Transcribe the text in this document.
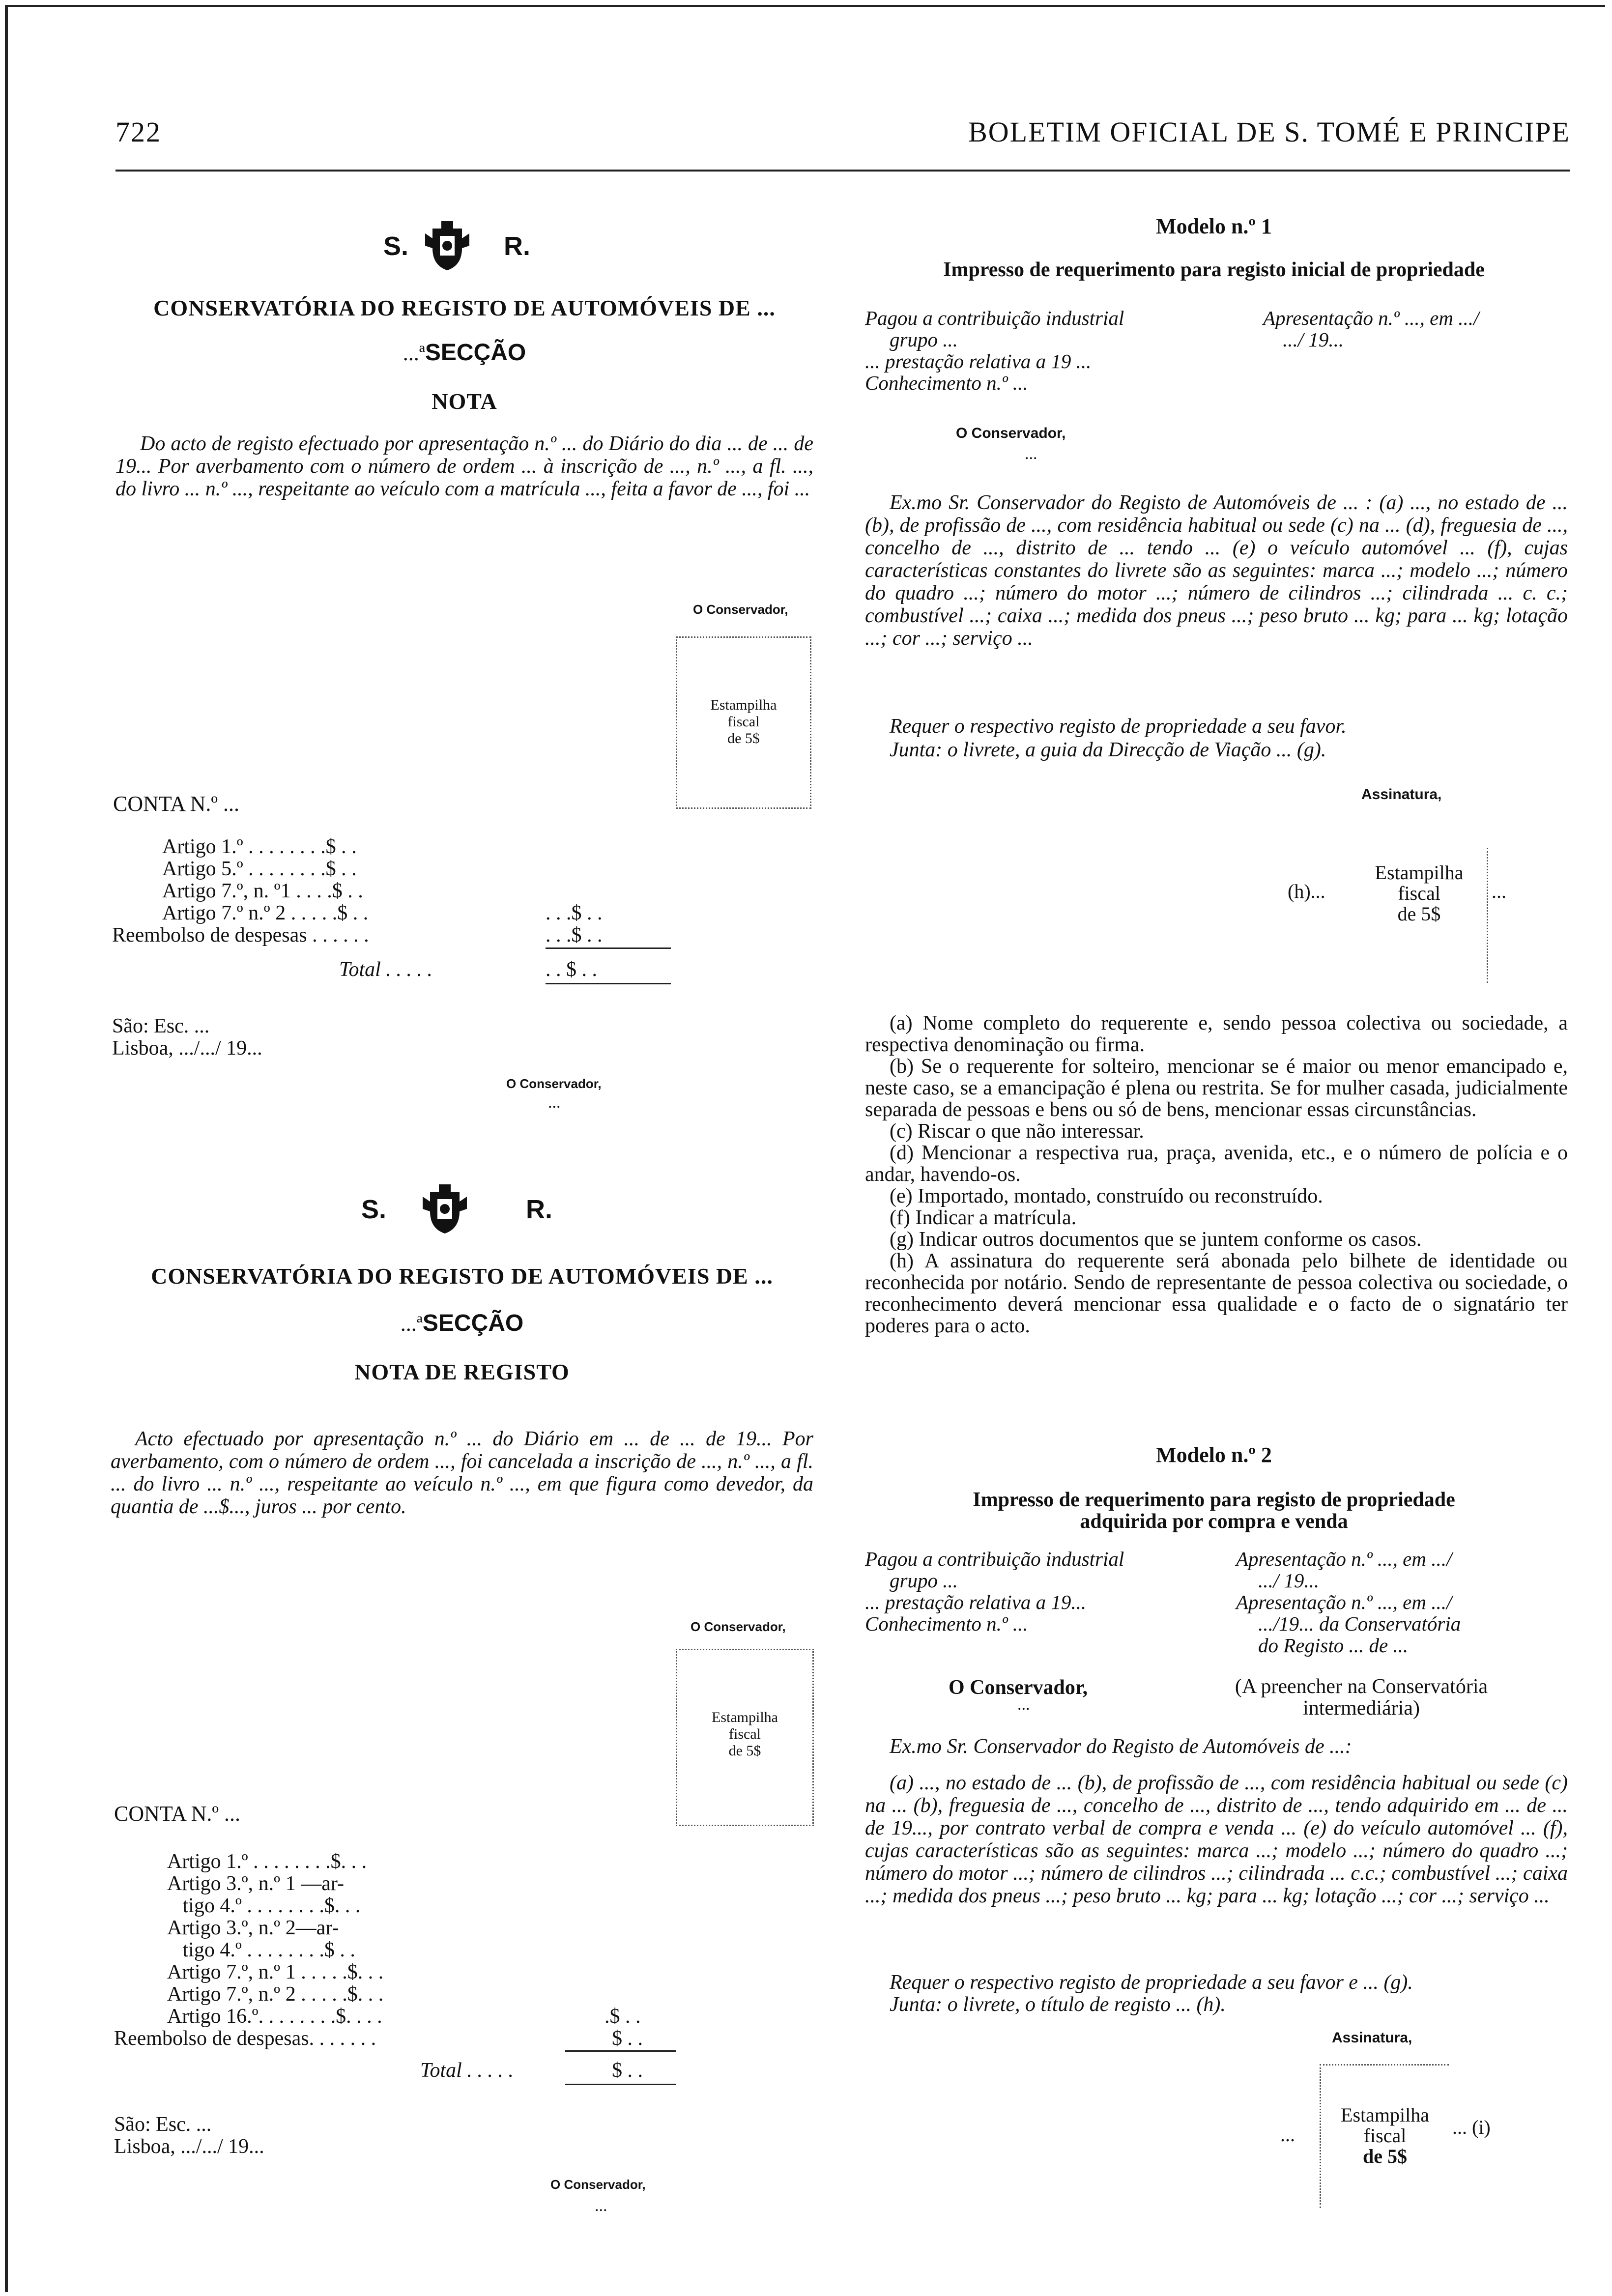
722	BOLETIM OFICIAL DE S. TOMÉ E PRINCIPE
S.	R.
CONSERVATÓRIA DO REGISTO DE AUTOMÓVEIS DE ...
...ªSECÇÃO
NOTA
Do acto de registo efectuado por apresentação n.º ... do Diário do dia ... de ... de 19... Por averbamento com o número de ordem ... à inscrição de ..., n.º ..., a fl. ..., do livro ... n.º ..., respeitante ao veículo com a matrícula ..., feita a favor de ..., foi ...
O Conservador,
Estampilha
fiscal
de 5$
CONTA N.º ...
Artigo 1.º . . . . . . . .$ . .
Artigo 5.º . . . . . . . .$ . .
Artigo 7.º, n. º1 . . . .$ . .
Artigo 7.º n.º 2 . . . . .$ . .	. . .$ . .
Reembolso de despesas . . . . . .	. . .$ . .
Total . . . . .	. . $ . .
São: Esc. ...
Lisboa, .../.../ 19...
O Conservador,
...
S.	R.
CONSERVATÓRIA DO REGISTO DE AUTOMÓVEIS DE ...
...ªSECÇÃO
NOTA DE REGISTO
Acto efectuado por apresentação n.º ... do Diário em ... de ... de 19... Por averbamento, com o número de ordem ..., foi cancelada a inscrição de ..., n.º ..., a fl. ... do livro ... n.º ..., respeitante ao veículo n.º ..., em que figura como devedor, da quantia de ...$..., juros ... por cento.
O Conservador,
Estampilha
fiscal
de 5$
CONTA N.º ...
Artigo 1.º . . . . . . . .$. . .
Artigo 3.º, n.º 1 —ar-
tigo 4.º . . . . . . . .$. . .
Artigo 3.º, n.º 2—ar-
tigo 4.º . . . . . . . .$ . .
Artigo 7.º, n.º 1 . . . . .$. . .
Artigo 7.º, n.º 2 . . . . .$. . .
Artigo 16.º. . . . . . . .$. . . .	.$ . .
Reembolso de despesas. . . . . . .	$ . .
Total . . . . .	$ . .
São: Esc. ...
Lisboa, .../.../ 19...
O Conservador,
...
Modelo n.º 1
Impresso de requerimento para registo inicial de propriedade
Pagou a contribuição industrial
grupo ...
... prestação relativa a 19 ...
Conhecimento n.º ...
Apresentação n.º ..., em .../
.../ 19...
O Conservador,
...
Ex.mo Sr. Conservador do Registo de Automóveis de ... : (a) ..., no estado de ... (b), de profissão de ..., com residência habitual ou sede (c) na ... (d), freguesia de ..., concelho de ..., distrito de ... tendo ... (e) o veículo automóvel ... (f), cujas características constantes do livrete são as seguintes: marca ...; modelo ...; número do quadro ...; número do motor ...; número de cilindros ...; cilindrada ... c. c.; combustível ...; caixa ...; medida dos pneus ...; peso bruto ... kg; para ... kg; lotação ...; cor ...; serviço ...
Requer o respectivo registo de propriedade a seu favor.
Junta: o livrete, a guia da Direcção de Viação ... (g).
Assinatura,
(h)...
Estampilha
fiscal
de 5$
...

(a) Nome completo do requerente e, sendo pessoa colectiva ou sociedade, a respectiva denominação ou firma.

(b) Se o requerente for solteiro, mencionar se é maior ou menor emancipado e, neste caso, se a emancipação é plena ou restrita. Se for mulher casada, judicialmente separada de pessoas e bens ou só de bens, mencionar essas circunstâncias.

(c) Riscar o que não interessar.

(d) Mencionar a respectiva rua, praça, avenida, etc., e o número de polícia e o andar, havendo-os.

(e) Importado, montado, construído ou reconstruído.

(f) Indicar a matrícula.

(g) Indicar outros documentos que se juntem conforme os casos.

(h) A assinatura do requerente será abonada pelo bilhete de identidade ou reconhecida por notário. Sendo de representante de pessoa colectiva ou sociedade, o reconhecimento deverá mencionar essa qualidade e o facto de o signatário ter poderes para o acto.

Modelo n.º 2
Impresso de requerimento para registo de propriedade
adquirida por compra e venda
Pagou a contribuição industrial
grupo ...
... prestação relativa a 19...
Conhecimento n.º ...
Apresentação n.º ..., em .../
.../ 19...
Apresentação n.º ..., em .../
.../19... da Conservatória
do Registo ... de ...
O Conservador,
...
(A preencher na Conservatória
intermediária)
Ex.mo Sr. Conservador do Registo de Automóveis de ...:
(a) ..., no estado de ... (b), de profissão de ..., com residência habitual ou sede (c) na ... (b), freguesia de ..., concelho de ..., distrito de ..., tendo adquirido em ... de ... de 19..., por contrato verbal de compra e venda ... (e) do veículo automóvel ... (f), cujas características são as seguintes: marca ...; modelo ...; número do quadro ...; número do motor ...; número de cilindros ...; cilindrada ... c.c.; combustível ...; caixa ...; medida dos pneus ...; peso bruto ... kg; para ... kg; lotação ...; cor ...; serviço ...
Requer o respectivo registo de propriedade a seu favor e ... (g).
Junta: o livrete, o título de registo ... (h).
Assinatura,
...
Estampilha
fiscal
de 5$
... (i)
